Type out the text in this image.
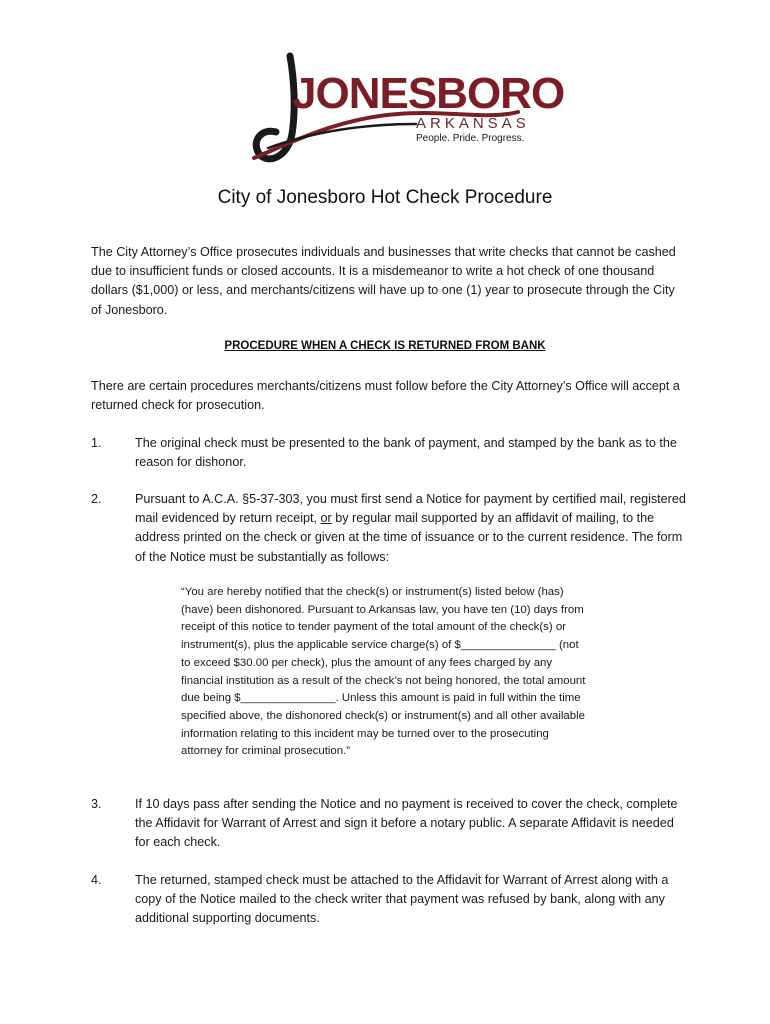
JONESBORO
ARKANSAS
People. Pride. Progress.
City of Jonesboro Hot Check Procedure
The City Attorney’s Office prosecutes individuals and businesses that write checks that cannot be cashed due to insufficient funds or closed accounts. It is a misdemeanor to write a hot check of one thousand dollars ($1,000) or less, and merchants/citizens will have up to one (1) year to prosecute through the City of Jonesboro.
PROCEDURE WHEN A CHECK IS RETURNED FROM BANK
There are certain procedures merchants/citizens must follow before the City Attorney’s Office will accept a returned check for prosecution.
1.	The original check must be presented to the bank of payment, and stamped by the bank as to the reason for dishonor.
2.	Pursuant to A.C.A. §5-37-303, you must first send a Notice for payment by certified mail, registered mail evidenced by return receipt, or by regular mail supported by an affidavit of mailing, to the address printed on the check or given at the time of issuance or to the current residence. The form of the Notice must be substantially as follows:
“You are hereby notified that the check(s) or instrument(s) listed below (has) (have) been dishonored. Pursuant to Arkansas law, you have ten (10) days from receipt of this notice to tender payment of the total amount of the check(s) or instrument(s), plus the applicable service charge(s) of $_______________ (not to exceed $30.00 per check), plus the amount of any fees charged by any financial institution as a result of the check’s not being honored, the total amount due being $_______________. Unless this amount is paid in full within the time specified above, the dishonored check(s) or instrument(s) and all other available information relating to this incident may be turned over to the prosecuting attorney for criminal prosecution.”
3.	If 10 days pass after sending the Notice and no payment is received to cover the check, complete the Affidavit for Warrant of Arrest and sign it before a notary public. A separate Affidavit is needed for each check.
4.	The returned, stamped check must be attached to the Affidavit for Warrant of Arrest along with a copy of the Notice mailed to the check writer that payment was refused by bank, along with any additional supporting documents.
